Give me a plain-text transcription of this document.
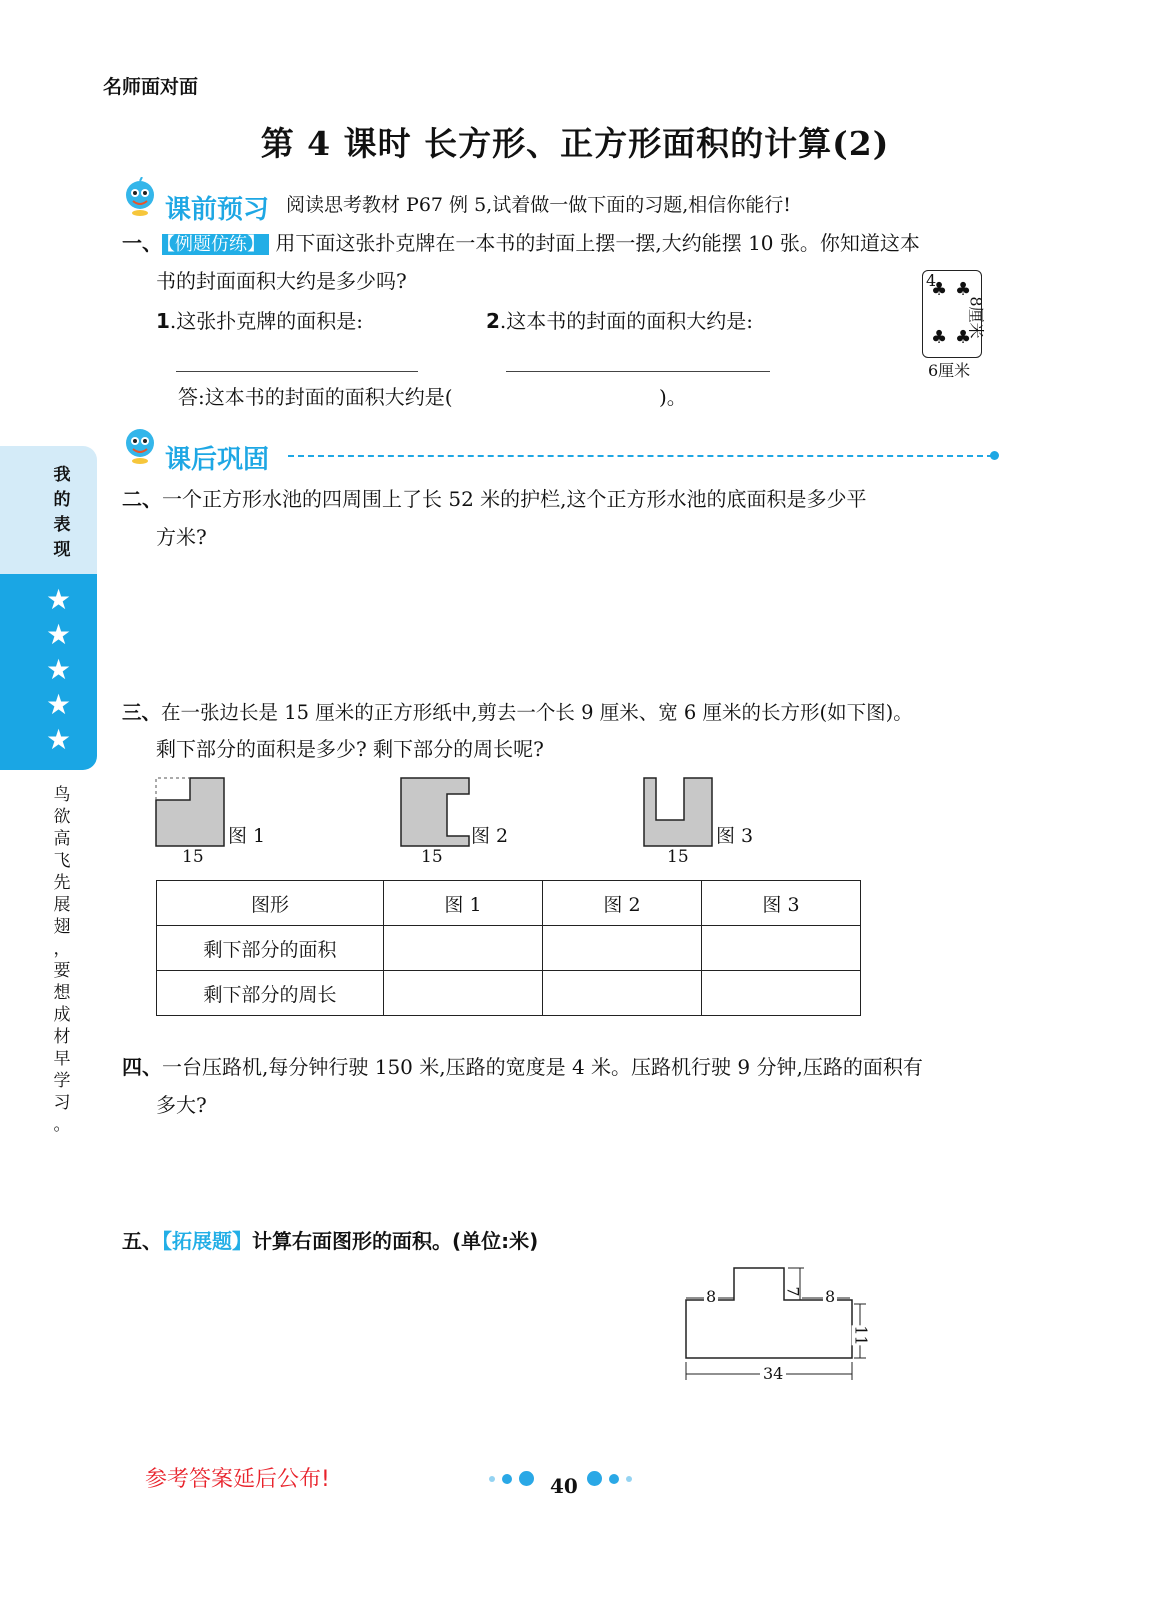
名师面对面
第 4 课时 长方形、正方形面积的计算(2)
课前预习 阅读思考教材 P67 例 5,试着做一做下面的习题,相信你能行!
一、 【例题仿练】 用下面这张扑克牌在一本书的封面上摆一摆,大约能摆 10 张。你知道这本
书的封面面积大约是多少吗?
1.这张扑克牌的面积是:	2.这本书的封面的面积大约是:
答:这本书的封面的面积大约是(	)。
4
♣ ♣
♣ ♣
6厘米
8厘米
课后巩固
二、一个正方形水池的四周围上了长 52 米的护栏,这个正方形水池的底面积是多少平
方米?
三、在一张边长是 15 厘米的正方形纸中,剪去一个长 9 厘米、宽 6 厘米的长方形(如下图)。
剩下部分的面积是多少? 剩下部分的周长呢?
图 1
15
图 2
15
图 3
15
图形	图 1	图 2	图 3
剩下部分的面积			
剩下部分的周长			
四、一台压路机,每分钟行驶 150 米,压路的宽度是 4 米。压路机行驶 9 分钟,压路的面积有
多大?
五、【拓展题】计算右面图形的面积。(单位:米)
8	8
7
11
34
我
的
表
现
★
★
★
★
★
鸟
欲
高
飞
先
展
翅
，
要
想
成
材
早
学
习
。
参考答案延后公布!	40
